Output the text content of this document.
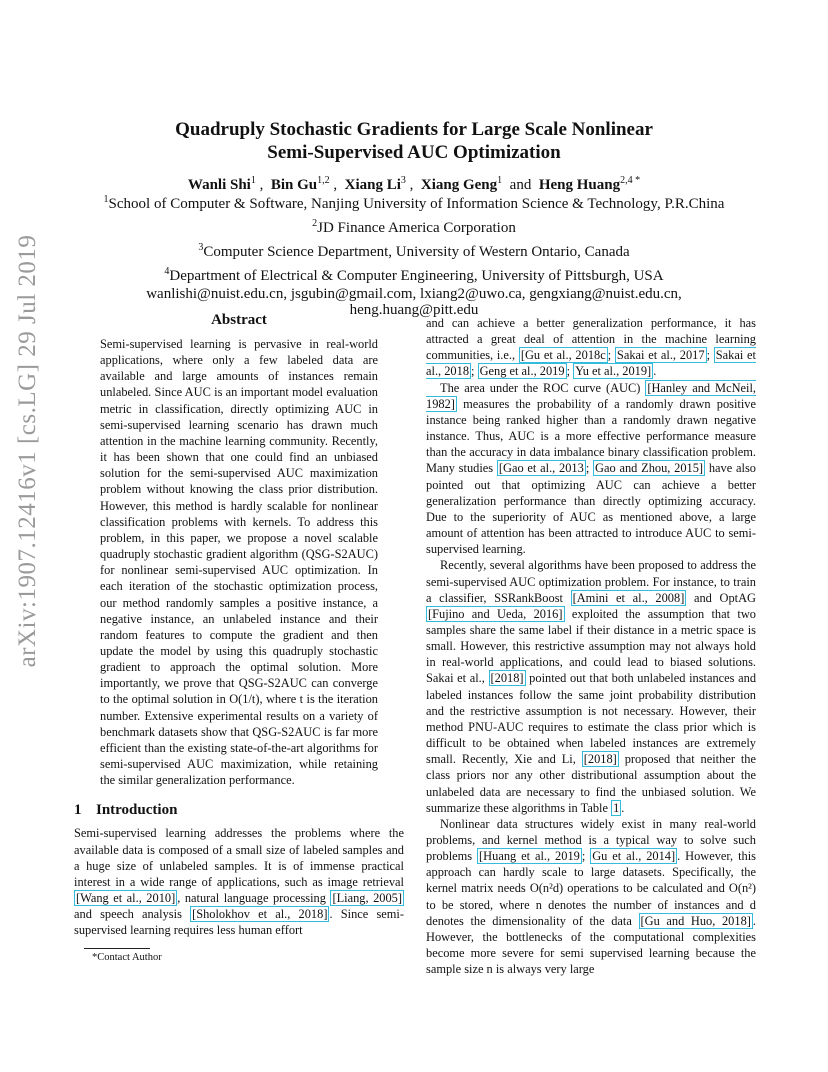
arXiv:1907.12416v1 [cs.LG] 29 Jul 2019
Quadruply Stochastic Gradients for Large Scale Nonlinear
Semi-Supervised AUC Optimization
Wanli Shi$^1$ ,  Bin Gu$^{1,2}$ ,  Xiang Li$^3$ ,  Xiang Geng$^1$ and Heng Huang$^{2,4 *}$
$^1$School of Computer & Software, Nanjing University of Information Science & Technology, P.R.China
$^2$JD Finance America Corporation
$^3$Computer Science Department, University of Western Ontario, Canada
$^4$Department of Electrical & Computer Engineering, University of Pittsburgh, USA
wanlishi@nuist.edu.cn, jsgubin@gmail.com, lxiang2@uwo.ca, gengxiang@nuist.edu.cn,
heng.huang@pitt.edu
Abstract
Semi-supervised learning is pervasive in real-world applications, where only a few labeled data are available and large amounts of instances remain unlabeled. Since AUC is an important model evaluation metric in classification, directly optimizing AUC in semi-supervised learning scenario has drawn much attention in the machine learning community. Recently, it has been shown that one could find an unbiased solution for the semi-supervised AUC maximization problem without knowing the class prior distribution. However, this method is hardly scalable for nonlinear classification problems with kernels. To address this problem, in this paper, we propose a novel scalable quadruply stochastic gradient algorithm (QSG-S2AUC) for nonlinear semi-supervised AUC optimization. In each iteration of the stochastic optimization process, our method randomly samples a positive instance, a negative instance, an unlabeled instance and their random features to compute the gradient and then update the model by using this quadruply stochastic gradient to approach the optimal solution. More importantly, we prove that QSG-S2AUC can converge to the optimal solution in O(1/t), where t is the iteration number. Extensive experimental results on a variety of benchmark datasets show that QSG-S2AUC is far more efficient than the existing state-of-the-art algorithms for semi-supervised AUC maximization, while retaining the similar generalization performance.
1 Introduction

Semi-supervised learning addresses the problems where the available data is composed of a small size of labeled samples and a huge size of unlabeled samples. It is of immense practical interest in a wide range of applications, such as image retrieval [Wang et al., 2010] , natural language processing [Liang, 2005] and speech analysis [Sholokhov et al., 2018] . Since semi-supervised learning requires less human effort

*Contact Author

and can achieve a better generalization performance, it has attracted a great deal of attention in the machine learning communities, i.e., [Gu et al., 2018c ; Sakai et al., 2017 ; Sakai et al., 2018 ; Geng et al., 2019 ; Yu et al., 2019] .

The area under the ROC curve (AUC) [Hanley and McNeil, 1982] measures the probability of a randomly drawn positive instance being ranked higher than a randomly drawn negative instance. Thus, AUC is a more effective performance measure than the accuracy in data imbalance binary classification problem. Many studies [Gao et al., 2013 ; Gao and Zhou, 2015] have also pointed out that optimizing AUC can achieve a better generalization performance than directly optimizing accuracy. Due to the superiority of AUC as mentioned above, a large amount of attention has been attracted to introduce AUC to semi-supervised learning.

Recently, several algorithms have been proposed to address the semi-supervised AUC optimization problem. For instance, to train a classifier, SSRankBoost [Amini et al., 2008] and OptAG [Fujino and Ueda, 2016] exploited the assumption that two samples share the same label if their distance in a metric space is small. However, this restrictive assumption may not always hold in real-world applications, and could lead to biased solutions. Sakai et al., [2018] pointed out that both unlabeled instances and labeled instances follow the same joint probability distribution and the restrictive assumption is not necessary. However, their method PNU-AUC requires to estimate the class prior which is difficult to be obtained when labeled instances are extremely small. Recently, Xie and Li, [2018] proposed that neither the class priors nor any other distributional assumption about the unlabeled data are necessary to find the unbiased solution. We summarize these algorithms in Table 1 .

Nonlinear data structures widely exist in many real-world problems, and kernel method is a typical way to solve such problems [Huang et al., 2019 ; Gu et al., 2014] . However, this approach can hardly scale to large datasets. Specifically, the kernel matrix needs O(n²d) operations to be calculated and O(n²) to be stored, where n denotes the number of instances and d denotes the dimensionality of the data [Gu and Huo, 2018] . However, the bottlenecks of the computational complexities become more severe for semi supervised learning because the sample size n is always very large
